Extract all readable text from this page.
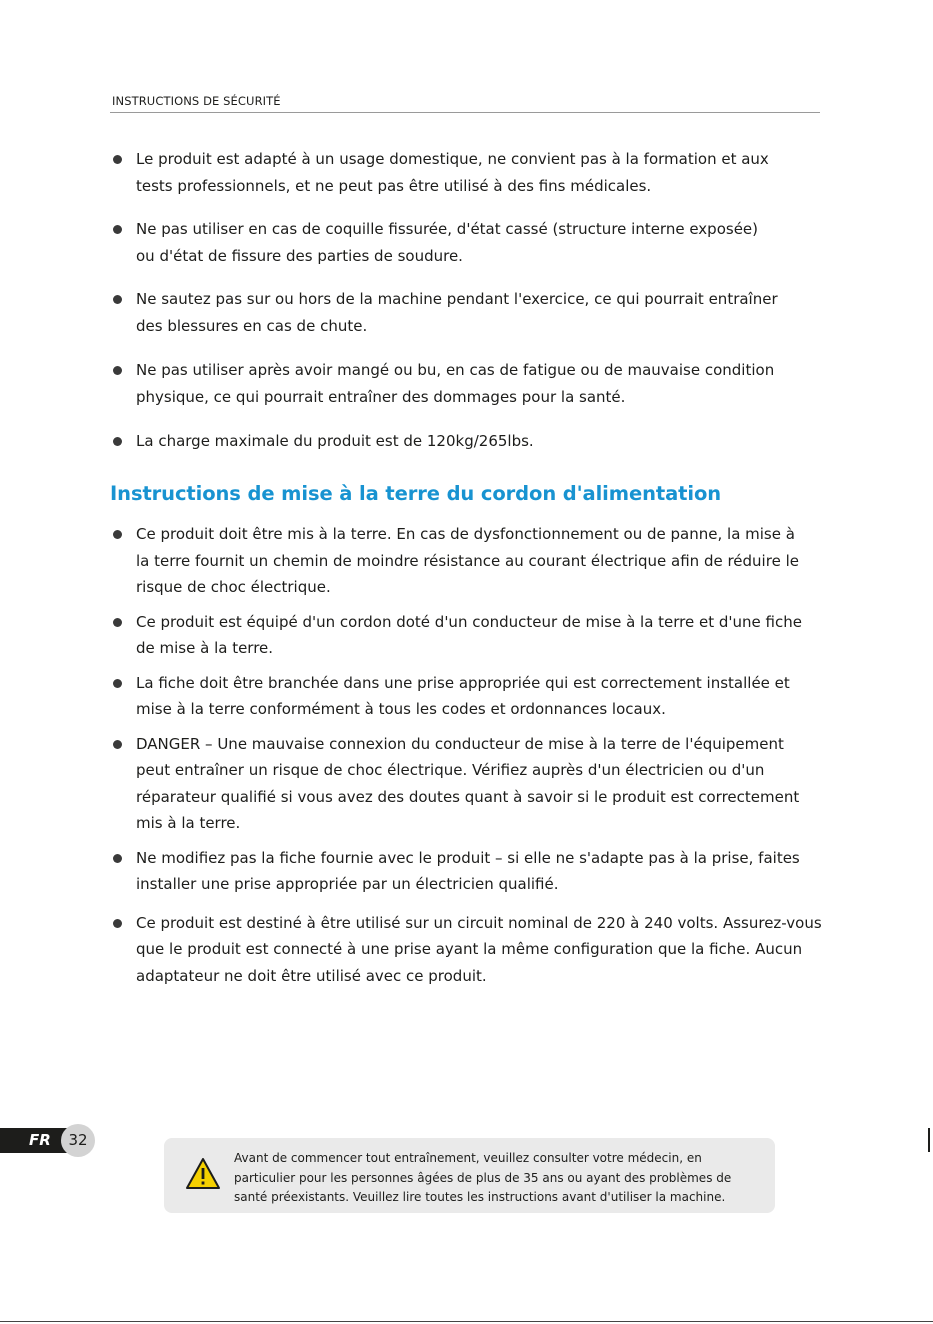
INSTRUCTIONS DE SÉCURITÉ
Le produit est adapté à un usage domestique, ne convient pas à la formation et aux
tests professionnels, et ne peut pas être utilisé à des fins médicales.
Ne pas utiliser en cas de coquille fissurée, d'état cassé (structure interne exposée)
ou d'état de fissure des parties de soudure.
Ne sautez pas sur ou hors de la machine pendant l'exercice, ce qui pourrait entraîner
des blessures en cas de chute.
Ne pas utiliser après avoir mangé ou bu, en cas de fatigue ou de mauvaise condition
physique, ce qui pourrait entraîner des dommages pour la santé.
La charge maximale du produit est de 120kg/265lbs.
Instructions de mise à la terre du cordon d'alimentation
Ce produit doit être mis à la terre. En cas de dysfonctionnement ou de panne, la mise à
la terre fournit un chemin de moindre résistance au courant électrique afin de réduire le
risque de choc électrique.
Ce produit est équipé d'un cordon doté d'un conducteur de mise à la terre et d'une fiche
de mise à la terre.
La fiche doit être branchée dans une prise appropriée qui est correctement installée et
mise à la terre conformément à tous les codes et ordonnances locaux.
DANGER – Une mauvaise connexion du conducteur de mise à la terre de l'équipement
peut entraîner un risque de choc électrique. Vérifiez auprès d'un électricien ou d'un
réparateur qualifié si vous avez des doutes quant à savoir si le produit est correctement
mis à la terre.
Ne modifiez pas la fiche fournie avec le produit – si elle ne s'adapte pas à la prise, faites
installer une prise appropriée par un électricien qualifié.
Ce produit est destiné à être utilisé sur un circuit nominal de 220 à 240 volts. Assurez-vous
que le produit est connecté à une prise ayant la même configuration que la fiche. Aucun
adaptateur ne doit être utilisé avec ce produit.
FR	32
Avant de commencer tout entraînement, veuillez consulter votre médecin, en
particulier pour les personnes âgées de plus de 35 ans ou ayant des problèmes de
santé préexistants. Veuillez lire toutes les instructions avant d'utiliser la machine.
